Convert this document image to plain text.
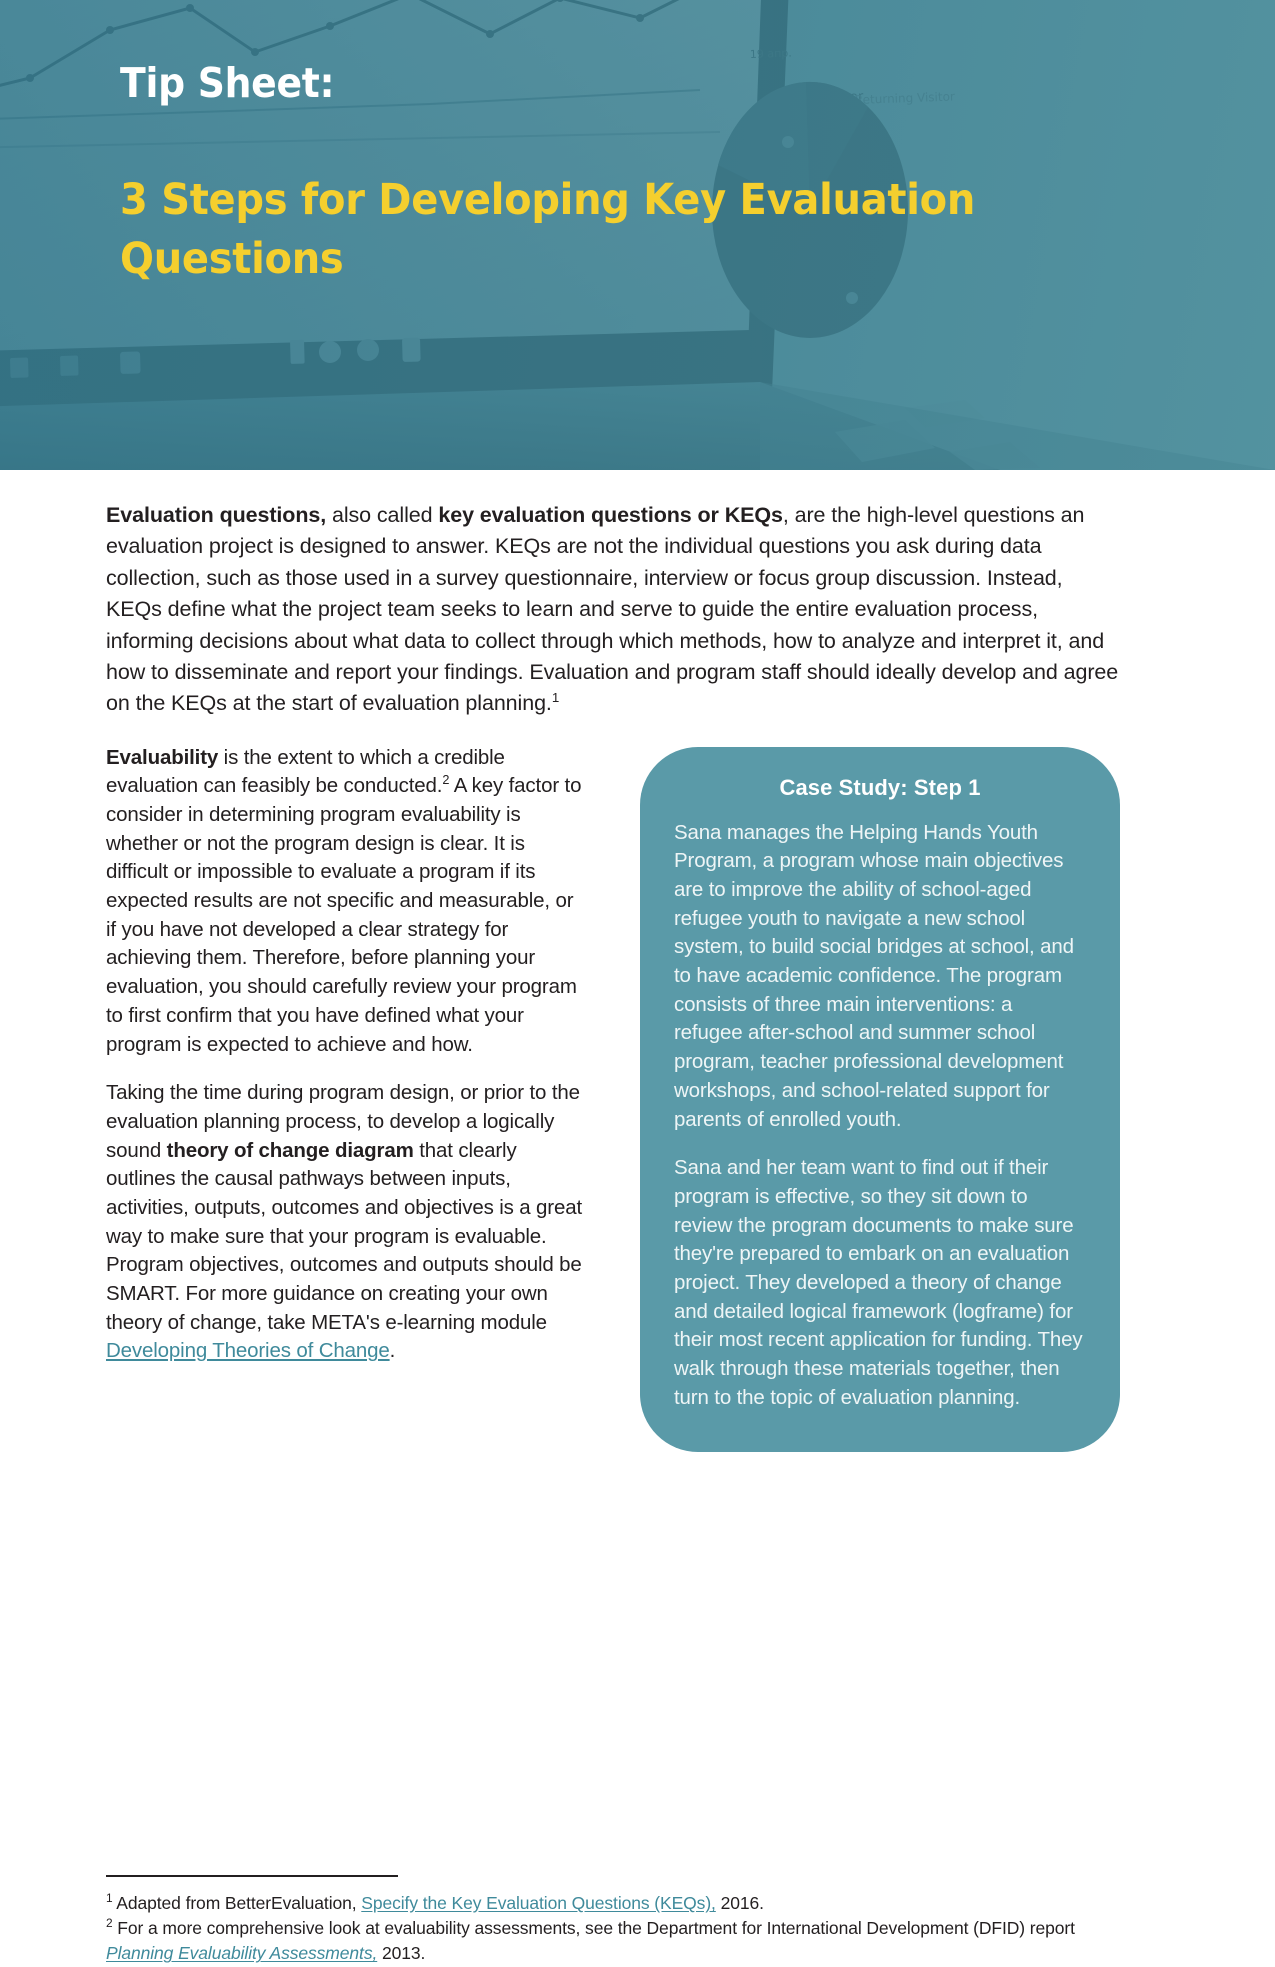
Tip Sheet:

3 Steps for Developing Key Evaluation Questions

Evaluation questions, also called key evaluation questions or KEQs, are the high-level questions an evaluation project is designed to answer. KEQs are not the individual questions you ask during data collection, such as those used in a survey questionnaire, interview or focus group discussion. Instead, KEQs define what the project team seeks to learn and serve to guide the entire evaluation process, informing decisions about what data to collect through which methods, how to analyze and interpret it, and how to disseminate and report your findings. Evaluation and program staff should ideally develop and agree on the KEQs at the start of evaluation planning.$^1$

Evaluability is the extent to which a credible evaluation can feasibly be conducted.$^2$ A key factor to consider in determining program evaluability is whether or not the program design is clear. It is difficult or impossible to evaluate a program if its expected results are not specific and measurable, or if you have not developed a clear strategy for achieving them. Therefore, before planning your evaluation, you should carefully review your program to first confirm that you have defined what your program is expected to achieve and how.

Taking the time during program design, or prior to the evaluation planning process, to develop a logically sound theory of change diagram that clearly outlines the causal pathways between inputs, activities, outputs, outcomes and objectives is a great way to make sure that your program is evaluable. Program objectives, outcomes and outputs should be SMART. For more guidance on creating your own theory of change, take META's e-learning module Developing Theories of Change.

Case Study: Step 1

Sana manages the Helping Hands Youth Program, a program whose main objectives are to improve the ability of school-aged refugee youth to navigate a new school system, to build social bridges at school, and to have academic confidence. The program consists of three main interventions: a refugee after-school and summer school program, teacher professional development workshops, and school-related support for parents of enrolled youth.

Sana and her team want to find out if their program is effective, so they sit down to review the program documents to make sure they're prepared to embark on an evaluation project. They developed a theory of change and detailed logical framework (logframe) for their most recent application for funding. They walk through these materials together, then turn to the topic of evaluation planning.

$^1$ Adapted from BetterEvaluation, Specify the Key Evaluation Questions (KEQs), 2016.

$^2$ For a more comprehensive look at evaluability assessments, see the Department for International Development (DFID) report Planning Evaluability Assessments, 2013.
